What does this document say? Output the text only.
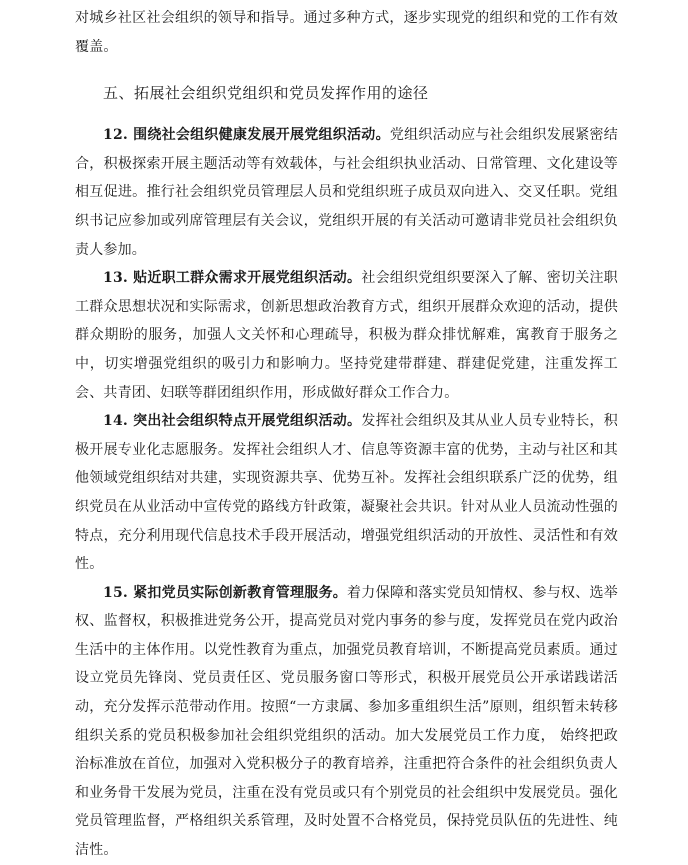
对城乡社区社会组织的领导和指导。通过多种方式，逐步实现党的组织和党的工作有效覆盖。

五、拓展社会组织党组织和党员发挥作用的途径

12. 围绕社会组织健康发展开展党组织活动。党组织活动应与社会组织发展紧密结合，积极探索开展主题活动等有效载体，与社会组织执业活动、日常管理、文化建设等相互促进。推行社会组织党员管理层人员和党组织班子成员双向进入、交叉任职。党组织书记应参加或列席管理层有关会议，党组织开展的有关活动可邀请非党员社会组织负责人参加。

13. 贴近职工群众需求开展党组织活动。社会组织党组织要深入了解、密切关注职工群众思想状况和实际需求，创新思想政治教育方式，组织开展群众欢迎的活动，提供群众期盼的服务，加强人文关怀和心理疏导，积极为群众排忧解难，寓教育于服务之中，切实增强党组织的吸引力和影响力。坚持党建带群建、群建促党建，注重发挥工会、共青团、妇联等群团组织作用，形成做好群众工作合力。

14. 突出社会组织特点开展党组织活动。发挥社会组织及其从业人员专业特长，积极开展专业化志愿服务。发挥社会组织人才、信息等资源丰富的优势，主动与社区和其他领域党组织结对共建，实现资源共享、优势互补。发挥社会组织联系广泛的优势，组织党员在从业活动中宣传党的路线方针政策，凝聚社会共识。针对从业人员流动性强的特点，充分利用现代信息技术手段开展活动，增强党组织活动的开放性、灵活性和有效性。

15. 紧扣党员实际创新教育管理服务。着力保障和落实党员知情权、参与权、选举权、监督权，积极推进党务公开，提高党员对党内事务的参与度，发挥党员在党内政治生活中的主体作用。以党性教育为重点，加强党员教育培训，不断提高党员素质。通过设立党员先锋岗、党员责任区、党员服务窗口等形式，积极开展党员公开承诺践诺活动，充分发挥示范带动作用。按照“一方隶属、参加多重组织生活”原则，组织暂未转移组织关系的党员积极参加社会组织党组织的活动。加大发展党员工作力度， 始终把政治标准放在首位，加强对入党积极分子的教育培养，注重把符合条件的社会组织负责人和业务骨干发展为党员，注重在没有党员或只有个别党员的社会组织中发展党员。强化党员管理监督，严格组织关系管理，及时处置不合格党员，保持党员队伍的先进性、纯洁性。
